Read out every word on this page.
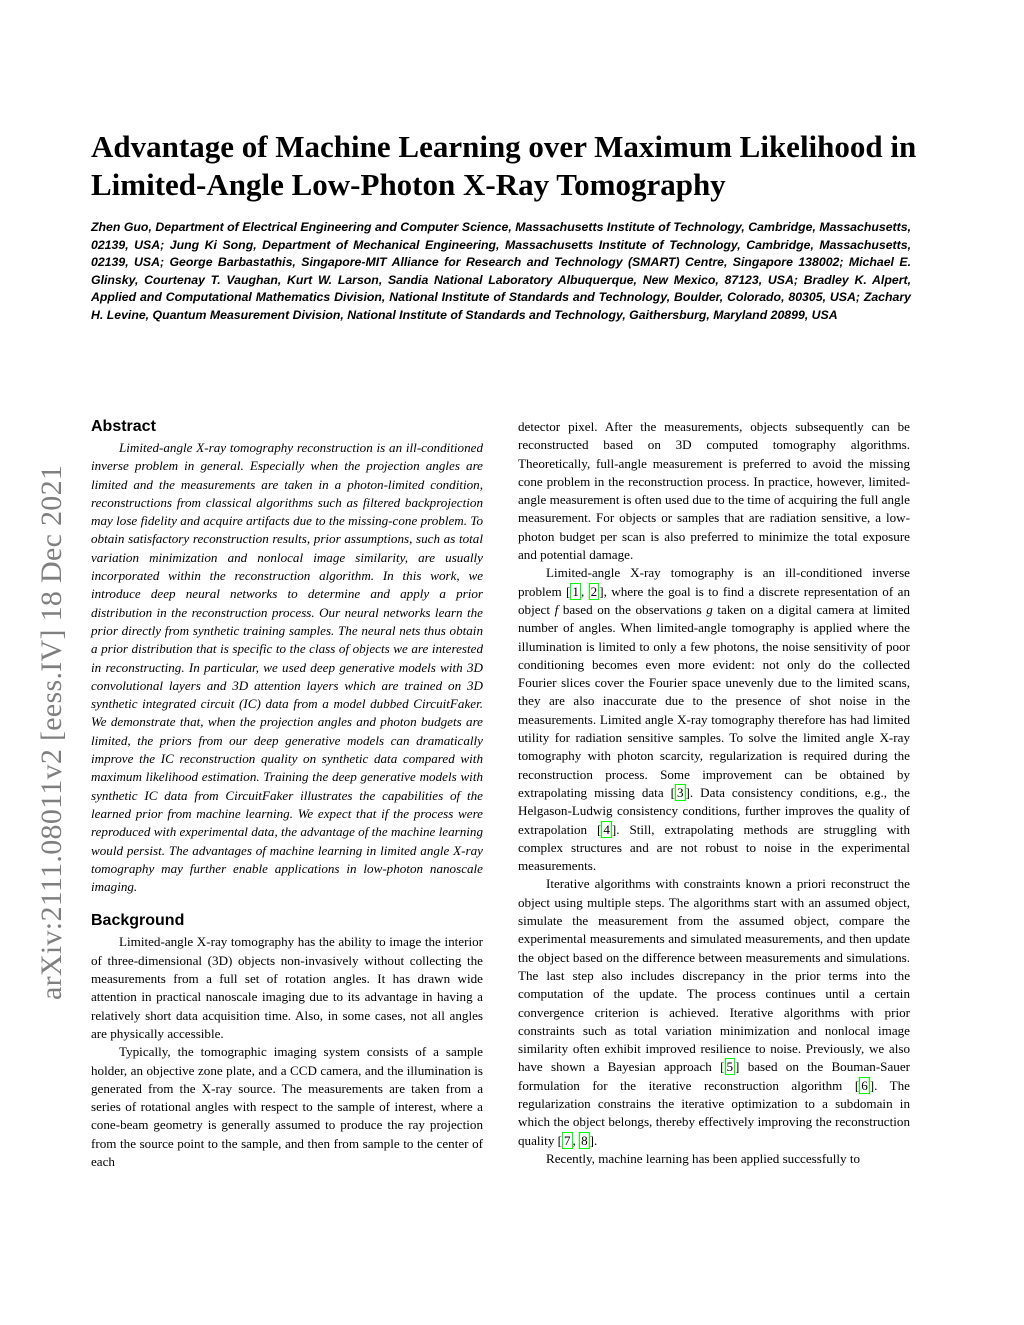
arXiv:2111.08011v2 [eess.IV] 18 Dec 2021
Advantage of Machine Learning over Maximum Likelihood in
Limited-Angle Low-Photon X-Ray Tomography

Zhen Guo, Department of Electrical Engineering and Computer Science, Massachusetts Institute of Technology, Cambridge, Massachusetts, 02139, USA; Jung Ki Song, Department of Mechanical Engineering, Massachusetts Institute of Technology, Cambridge, Massachusetts, 02139, USA; George Barbastathis, Singapore-MIT Alliance for Research and Technology (SMART) Centre, Singapore 138002; Michael E. Glinsky, Courtenay T. Vaughan, Kurt W. Larson, Sandia National Laboratory Albuquerque, New Mexico, 87123, USA; Bradley K. Alpert, Applied and Computational Mathematics Division, National Institute of Standards and Technology, Boulder, Colorado, 80305, USA; Zachary H. Levine, Quantum Measurement Division, National Institute of Standards and Technology, Gaithersburg, Maryland 20899, USA

Abstract

Limited-angle X-ray tomography reconstruction is an ill-conditioned inverse problem in general. Especially when the projection angles are limited and the measurements are taken in a photon-limited condition, reconstructions from classical algorithms such as filtered backprojection may lose fidelity and acquire artifacts due to the missing-cone problem. To obtain satisfactory reconstruction results, prior assumptions, such as total variation minimization and nonlocal image similarity, are usually incorporated within the reconstruction algorithm. In this work, we introduce deep neural networks to determine and apply a prior distribution in the reconstruction process. Our neural networks learn the prior directly from synthetic training samples. The neural nets thus obtain a prior distribution that is specific to the class of objects we are interested in reconstructing. In particular, we used deep generative models with 3D convolutional layers and 3D attention layers which are trained on 3D synthetic integrated circuit (IC) data from a model dubbed CircuitFaker. We demonstrate that, when the projection angles and photon budgets are limited, the priors from our deep generative models can dramatically improve the IC reconstruction quality on synthetic data compared with maximum likelihood estimation. Training the deep generative models with synthetic IC data from CircuitFaker illustrates the capabilities of the learned prior from machine learning. We expect that if the process were reproduced with experimental data, the advantage of the machine learning would persist. The advantages of machine learning in limited angle X-ray tomography may further enable applications in low-photon nanoscale imaging.

Background

Limited-angle X-ray tomography has the ability to image the interior of three-dimensional (3D) objects non-invasively without collecting the measurements from a full set of rotation angles. It has drawn wide attention in practical nanoscale imaging due to its advantage in having a relatively short data acquisition time. Also, in some cases, not all angles are physically accessible.

Typically, the tomographic imaging system consists of a sample holder, an objective zone plate, and a CCD camera, and the illumination is generated from the X-ray source. The measurements are taken from a series of rotational angles with respect to the sample of interest, where a cone-beam geometry is generally assumed to produce the ray projection from the source point to the sample, and then from sample to the center of each

detector pixel. After the measurements, objects subsequently can be reconstructed based on 3D computed tomography algorithms. Theoretically, full-angle measurement is preferred to avoid the missing cone problem in the reconstruction process. In practice, however, limited-angle measurement is often used due to the time of acquiring the full angle measurement. For objects or samples that are radiation sensitive, a low-photon budget per scan is also preferred to minimize the total exposure and potential damage.

Limited-angle X-ray tomography is an ill-conditioned inverse problem [ 1 , 2 ], where the goal is to find a discrete representation of an object f based on the observations g taken on a digital camera at limited number of angles. When limited-angle tomography is applied where the illumination is limited to only a few photons, the noise sensitivity of poor conditioning becomes even more evident: not only do the collected Fourier slices cover the Fourier space unevenly due to the limited scans, they are also inaccurate due to the presence of shot noise in the measurements. Limited angle X-ray tomography therefore has had limited utility for radiation sensitive samples. To solve the limited angle X-ray tomography with photon scarcity, regularization is required during the reconstruction process. Some improvement can be obtained by extrapolating missing data [ 3 ]. Data consistency conditions, e.g., the Helgason-Ludwig consistency conditions, further improves the quality of extrapolation [ 4 ]. Still, extrapolating methods are struggling with complex structures and are not robust to noise in the experimental measurements.

Iterative algorithms with constraints known a priori reconstruct the object using multiple steps. The algorithms start with an assumed object, simulate the measurement from the assumed object, compare the experimental measurements and simulated measurements, and then update the object based on the difference between measurements and simulations. The last step also includes discrepancy in the prior terms into the computation of the update. The process continues until a certain convergence criterion is achieved. Iterative algorithms with prior constraints such as total variation minimization and nonlocal image similarity often exhibit improved resilience to noise. Previously, we also have shown a Bayesian approach [ 5 ] based on the Bouman-Sauer formulation for the iterative reconstruction algorithm [ 6 ]. The regularization constrains the iterative optimization to a subdomain in which the object belongs, thereby effectively improving the reconstruction quality [ 7 , 8 ].

Recently, machine learning has been applied successfully to
